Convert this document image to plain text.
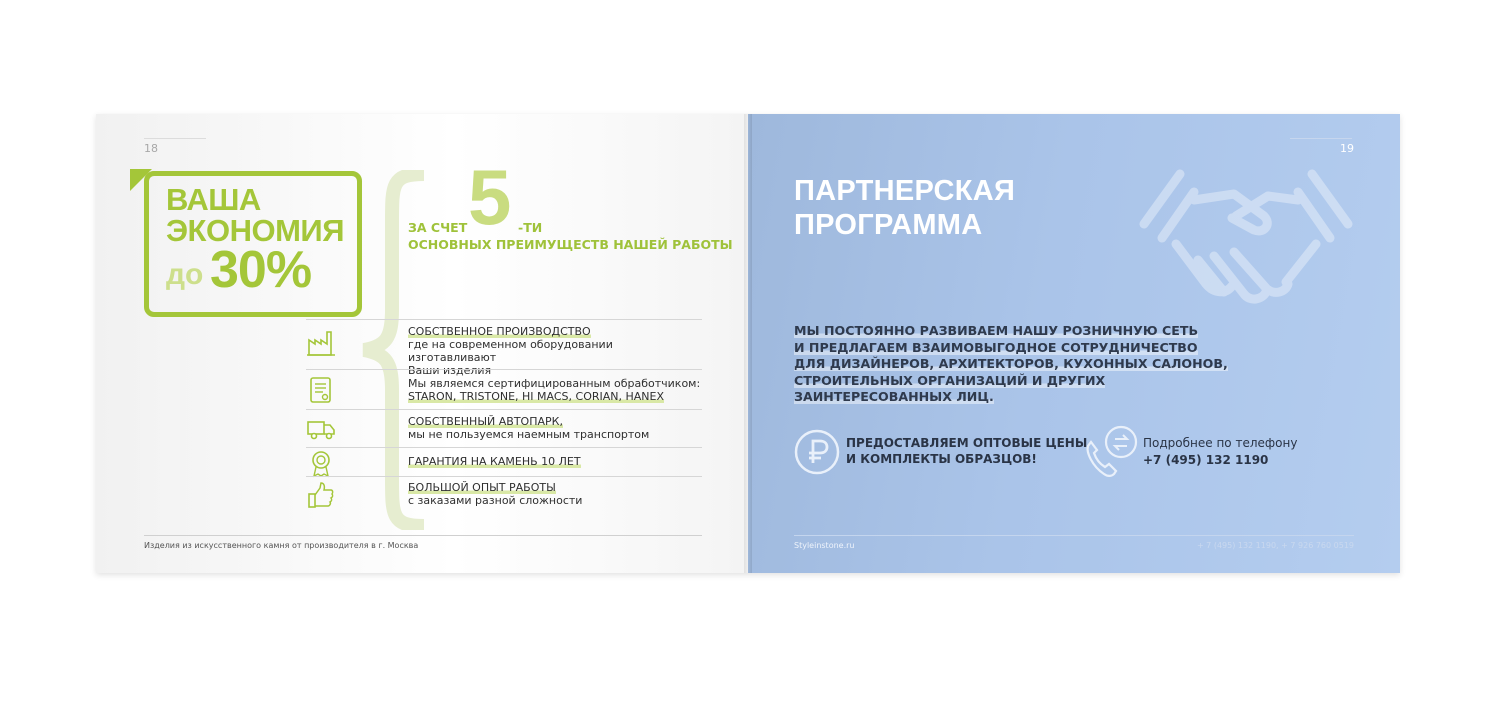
18
ВАША
ЭКОНОМИЯ
до 30%
5
ЗА СЧЕТ	-ТИ
ОСНОВНЫХ ПРЕИМУЩЕСТВ НАШЕЙ РАБОТЫ
СОБСТВЕННОЕ ПРОИЗВОДСТВО
где на современном оборудовании изготавливают
Ваши изделия
Мы являемся сертифицированным обработчиком:
STARON, TRISTONE, HI MACS, CORIAN, HANEX
СОБСТВЕННЫЙ АВТОПАРК,
мы не пользуемся наемным транспортом
ГАРАНТИЯ НА КАМЕНЬ 10 ЛЕТ
БОЛЬШОЙ ОПЫТ РАБОТЫ
с заказами разной сложности
Изделия из искусственного камня от производителя в г. Москва
19
ПАРТНЕРСКАЯ
ПРОГРАММА
МЫ ПОСТОЯННО РАЗВИВАЕМ НАШУ РОЗНИЧНУЮ СЕТЬ
И ПРЕДЛАГАЕМ ВЗАИМОВЫГОДНОЕ СОТРУДНИЧЕСТВО
ДЛЯ ДИЗАЙНЕРОВ, АРХИТЕКТОРОВ, КУХОННЫХ САЛОНОВ,
СТРОИТЕЛЬНЫХ ОРГАНИЗАЦИЙ И ДРУГИХ
ЗАИНТЕРЕСОВАННЫХ ЛИЦ.
ПРЕДОСТАВЛЯЕМ ОПТОВЫЕ ЦЕНЫ
И КОМПЛЕКТЫ ОБРАЗЦОВ!
Подробнее по телефону
+7 (495) 132 1190
Styleinstone.ru	+ 7 (495) 132 1190, + 7 926 760 0519
